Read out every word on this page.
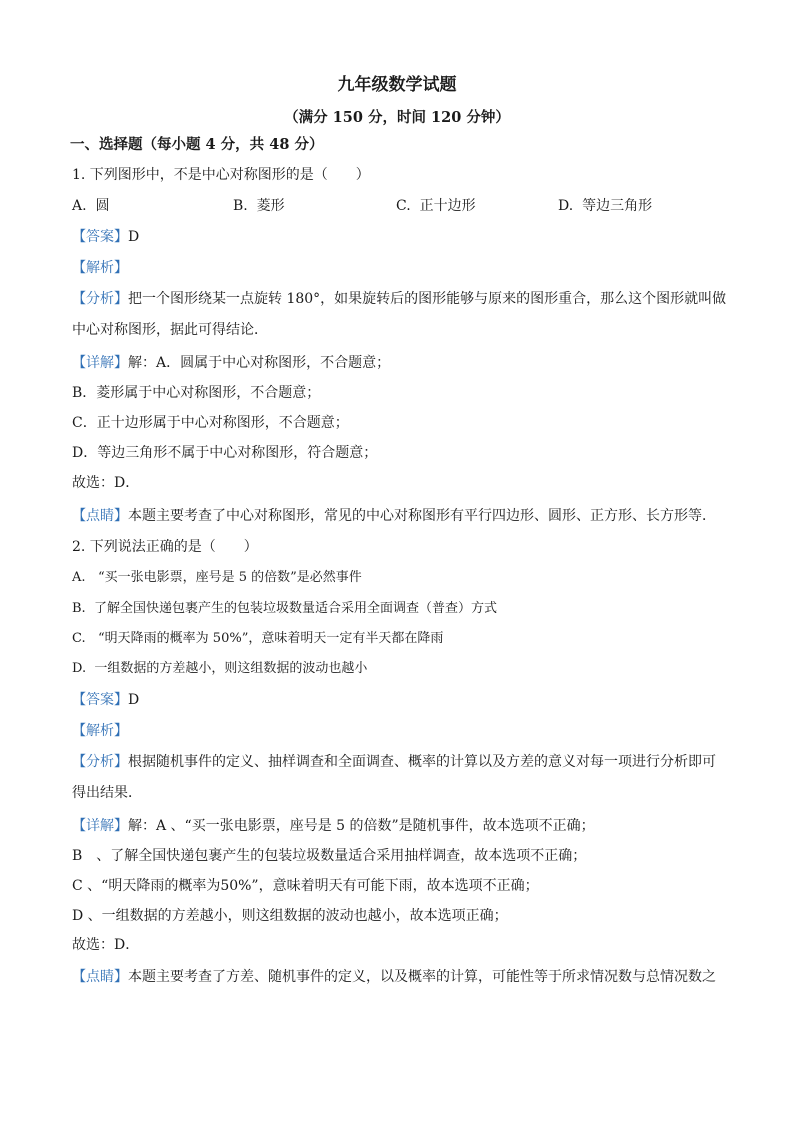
九年级数学试题
（满分 150 分，时间 120 分钟）
一、选择题（每小题 4 分，共 48 分）
1. 下列图形中，不是中心对称图形的是（　　）
A. 圆	B. 菱形	C. 正十边形	D. 等边三角形
【答案】D
【解析】
【分析】把一个图形绕某一点旋转 180°，如果旋转后的图形能够与原来的图形重合，那么这个图形就叫做
中心对称图形，据此可得结论．
【详解】解：A．圆属于中心对称图形，不合题意；
B．菱形属于中心对称图形，不合题意；
C．正十边形属于中心对称图形，不合题意；
D．等边三角形不属于中心对称图形，符合题意；
故选：D．
【点睛】本题主要考查了中心对称图形，常见的中心对称图形有平行四边形、圆形、正方形、长方形等．
2. 下列说法正确的是（　　）
A. “买一张电影票，座号是 5 的倍数”是必然事件
B. 了解全国快递包裹产生的包装垃圾数量适合采用全面调查（普查）方式
C. “明天降雨的概率为 50%”，意味着明天一定有半天都在降雨
D. 一组数据的方差越小，则这组数据的波动也越小
【答案】D
【解析】
【分析】根据随机事件的定义、抽样调查和全面调查、概率的计算以及方差的意义对每一项进行分析即可
得出结果．
【详解】解：A 、“买一张电影票，座号是 5 的倍数”是随机事件，故本选项不正确；
B　、了解全国快递包裹产生的包装垃圾数量适合采用抽样调查，故本选项不正确；
C 、“明天降雨的概率为50%”，意味着明天有可能下雨，故本选项不正确；
D 、一组数据的方差越小，则这组数据的波动也越小，故本选项正确；
故选：D．
【点睛】本题主要考查了方差、随机事件的定义，以及概率的计算，可能性等于所求情况数与总情况数之
